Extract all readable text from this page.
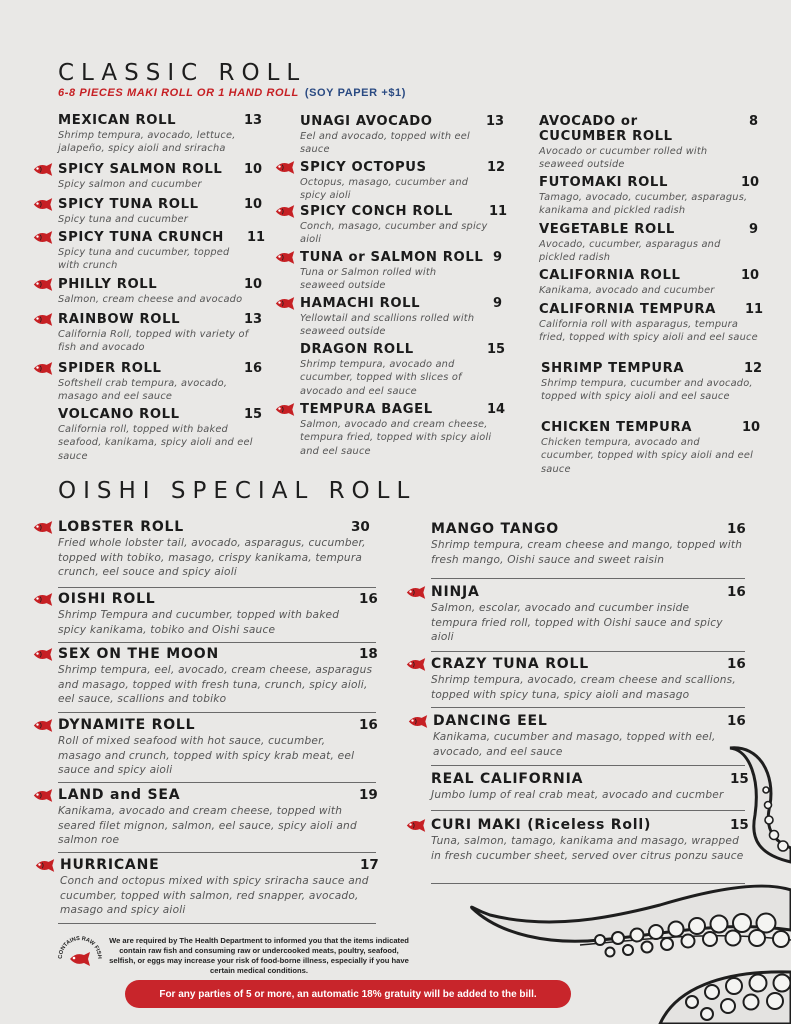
CLASSIC ROLL
6-8 PIECES MAKI ROLL OR 1 HAND ROLL (SOY PAPER +$1)
MEXICAN ROLL	13
Shrimp tempura, avocado, lettuce, jalapeño, spicy aioli and sriracha
SPICY SALMON ROLL 10
Spicy salmon and cucumber
SPICY TUNA ROLL	10
Spicy tuna and cucumber
SPICY TUNA CRUNCH 11
Spicy tuna and cucumber, topped with crunch
PHILLY ROLL	10
Salmon, cream cheese and avocado
RAINBOW ROLL	13
California Roll, topped with variety of fish and avocado
SPIDER ROLL	16
Softshell crab tempura, avocado, masago and eel sauce
VOLCANO ROLL	15
California roll, topped with baked seafood, kanikama, spicy aioli and eel sauce
UNAGI AVOCADO	13
Eel and avocado, topped with eel sauce
SPICY OCTOPUS	12
Octopus, masago, cucumber and spicy aioli
SPICY CONCH ROLL	11
Conch, masago, cucumber and spicy aioli
TUNA or SALMON ROLL 9
Tuna or Salmon rolled with seaweed outside
HAMACHI ROLL	9
Yellowtail and scallions rolled with seaweed outside
DRAGON ROLL	15
Shrimp tempura, avocado and cucumber, topped with slices of avocado and eel sauce
TEMPURA BAGEL	14
Salmon, avocado and cream cheese, tempura fried, topped with spicy aioli and eel sauce
AVOCADO or CUCUMBER ROLL
8
Avocado or cucumber rolled with seaweed outside
FUTOMAKI ROLL	10
Tamago, avocado, cucumber, asparagus, kanikama and pickled radish
VEGETABLE ROLL	9
Avocado, cucumber, asparagus and pickled radish
CALIFORNIA ROLL	10
Kanikama, avocado and cucumber
CALIFORNIA TEMPURA 11
California roll with asparagus, tempura fried, topped with spicy aioli and eel sauce
SHRIMP TEMPURA	12
Shrimp tempura, cucumber and avocado, topped with spicy aioli and eel sauce
CHICKEN TEMPURA	10
Chicken tempura, avocado and cucumber, topped with spicy aioli and eel sauce
OISHI SPECIAL ROLL
LOBSTER ROLL	30
Fried whole lobster tail, avocado, asparagus, cucumber, topped with tobiko, masago, crispy kanikama, tempura crunch, eel souce and spicy aioli
OISHI ROLL	16
Shrimp Tempura and cucumber, topped with baked spicy kanikama, tobiko and Oishi sauce
SEX ON THE MOON	18
Shrimp tempura, eel, avocado, cream cheese, asparagus and masago, topped with fresh tuna, crunch, spicy aioli, eel sauce, scallions and tobiko
DYNAMITE ROLL	16
Roll of mixed seafood with hot sauce, cucumber, masago and crunch, topped with spicy krab meat, eel sauce and spicy aioli
LAND and SEA	19
Kanikama, avocado and cream cheese, topped with seared filet mignon, salmon, eel sauce, spicy aioli and salmon roe
HURRICANE	17
Conch and octopus mixed with spicy sriracha sauce and cucumber, topped with salmon, red snapper, avocado, masago and spicy aioli
MANGO TANGO	16
Shrimp tempura, cream cheese and mango, topped with fresh mango, Oishi sauce and sweet raisin
NINJA	16
Salmon, escolar, avocado and cucumber inside tempura fried roll, topped with Oishi sauce and spicy aioli
CRAZY TUNA ROLL	16
Shrimp tempura, avocado, cream cheese and scallions, topped with spicy tuna, spicy aioli and masago
DANCING EEL	16
Kanikama, cucumber and masago, topped with eel, avocado, and eel sauce
REAL CALIFORNIA	15
Jumbo lump of real crab meat, avocado and cucmber
CURI MAKI (Riceless Roll)	15
Tuna, salmon, tamago, kanikama and masago, wrapped in fresh cucumber sheet, served over citrus ponzu sauce
CONTAINS RAW FISH
We are required by The Health Department to informed you that the items indicated contain raw fish and consuming raw or undercooked meats, poultry, seafood, selfish, or eggs may increase your risk of food-borne illness, especially if you have certain medical conditions.
For any parties of 5 or more, an automatic 18% gratuity will be added to the bill.
